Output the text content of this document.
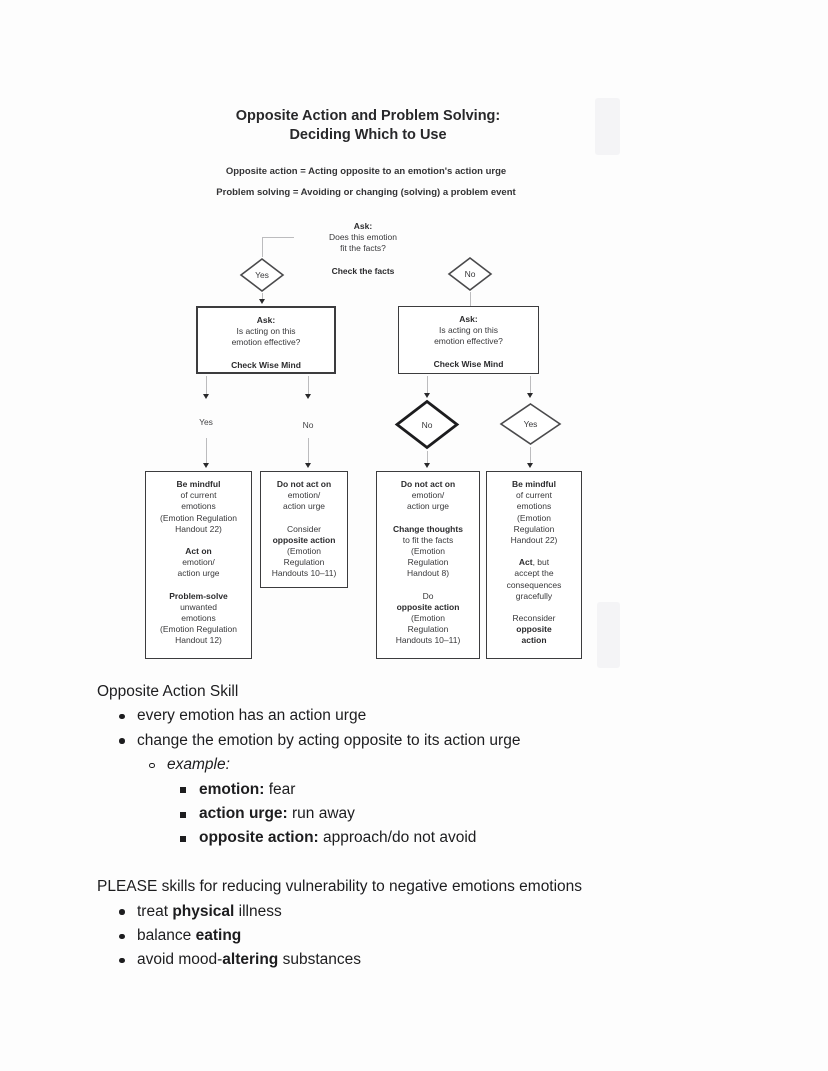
Opposite Action and Problem Solving:
Deciding Which to Use
Opposite action = Acting opposite to an emotion's action urge
Problem solving = Avoiding or changing (solving) a problem event
Ask:
Does this emotion
fit the facts?
Check the facts
Yes	No
Ask:
Is acting on this
emotion effective?
Check Wise Mind
Ask:
Is acting on this
emotion effective?
Check Wise Mind
Yes	No	No	Yes
Be mindful
of current
emotions
(Emotion Regulation
Handout 22)
Act on
emotion/
action urge
Problem-solve
unwanted
emotions
(Emotion Regulation
Handout 12)
Do not act on
emotion/
action urge
Consider
opposite action
(Emotion
Regulation
Handouts 10–11)
Do not act on
emotion/
action urge
Change thoughts
to fit the facts
(Emotion
Regulation
Handout 8)
Do
opposite action
(Emotion
Regulation
Handouts 10–11)
Be mindful
of current
emotions
(Emotion
Regulation
Handout 22)
Act, but
accept the
consequences
gracefully
Reconsider
opposite
action
Opposite Action Skill
every emotion has an action urge
change the emotion by acting opposite to its action urge
example:
emotion: fear
action urge: run away
opposite action: approach/do not avoid
PLEASE skills for reducing vulnerability to negative emotions emotions
treat physical illness
balance eating
avoid mood-altering substances
